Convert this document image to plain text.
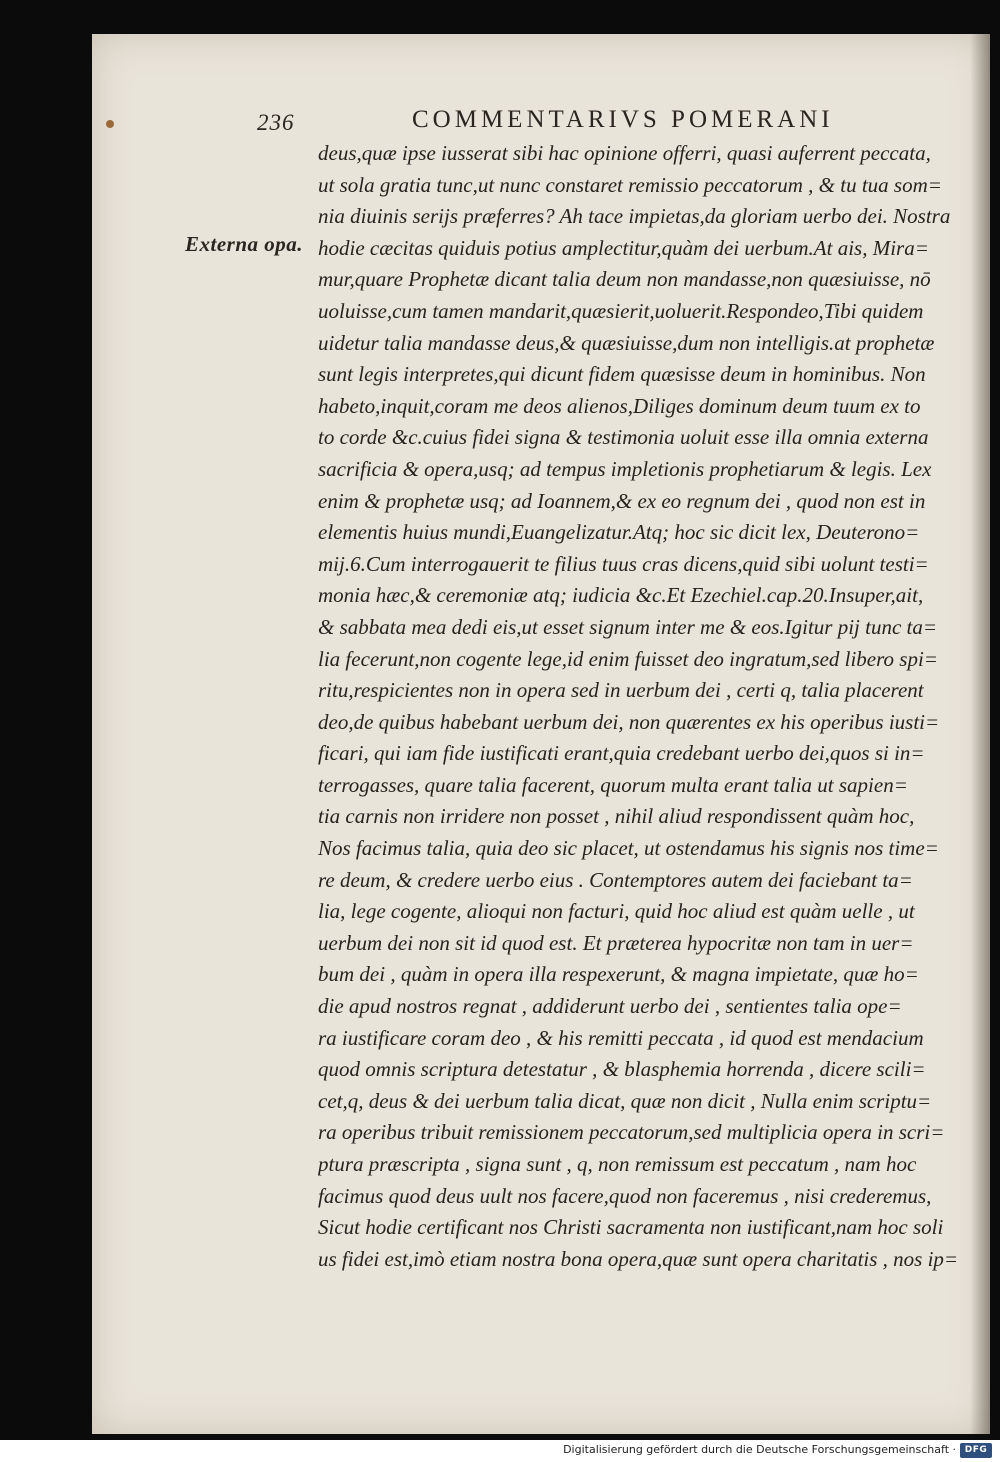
236	COMMENTARIVS POMERANI
Externa opa.
deus,quæ ipse iusserat sibi hac opinione offerri, quasi auferrent peccata,
ut sola gratia tunc,ut nunc constaret remissio peccatorum , & tu tua som=
nia diuinis serijs præferres? Ah tace impietas,da gloriam uerbo dei. Nostra
hodie cæcitas quiduis potius amplectitur,quàm dei uerbum.At ais, Mira=
mur,quare Prophetæ dicant talia deum non mandasse,non quæsiuisse, nō
uoluisse,cum tamen mandarit,quæsierit,uoluerit.Respondeo,Tibi quidem
uidetur talia mandasse deus,& quæsiuisse,dum non intelligis.at prophetæ
sunt legis interpretes,qui dicunt fidem quæsisse deum in hominibus. Non
habeto,inquit,coram me deos alienos,Diliges dominum deum tuum ex to
to corde &c.cuius fidei signa & testimonia uoluit esse illa omnia externa
sacrificia & opera,usq; ad tempus impletionis prophetiarum & legis. Lex
enim & prophetæ usq; ad Ioannem,& ex eo regnum dei , quod non est in
elementis huius mundi,Euangelizatur.Atq; hoc sic dicit lex, Deuterono=
mij.6.Cum interrogauerit te filius tuus cras dicens,quid sibi uolunt testi=
monia hæc,& ceremoniæ atq; iudicia &c.Et Ezechiel.cap.20.Insuper,ait,
& sabbata mea dedi eis,ut esset signum inter me & eos.Igitur pij tunc ta=
lia fecerunt,non cogente lege,id enim fuisset deo ingratum,sed libero spi=
ritu,respicientes non in opera sed in uerbum dei , certi q, talia placerent
deo,de quibus habebant uerbum dei, non quærentes ex his operibus iusti=
ficari, qui iam fide iustificati erant,quia credebant uerbo dei,quos si in=
terrogasses, quare talia facerent, quorum multa erant talia ut sapien=
tia carnis non irridere non posset , nihil aliud respondissent quàm hoc,
Nos facimus talia, quia deo sic placet, ut ostendamus his signis nos time=
re deum, & credere uerbo eius . Contemptores autem dei faciebant ta=
lia, lege cogente, alioqui non facturi, quid hoc aliud est quàm uelle , ut
uerbum dei non sit id quod est. Et præterea hypocritæ non tam in uer=
bum dei , quàm in opera illa respexerunt, & magna impietate, quæ ho=
die apud nostros regnat , addiderunt uerbo dei , sentientes talia ope=
ra iustificare coram deo , & his remitti peccata , id quod est mendacium
quod omnis scriptura detestatur , & blasphemia horrenda , dicere scili=
cet,q, deus & dei uerbum talia dicat, quæ non dicit , Nulla enim scriptu=
ra operibus tribuit remissionem peccatorum,sed multiplicia opera in scri=
ptura præscripta , signa sunt , q, non remissum est peccatum , nam hoc
facimus quod deus uult nos facere,quod non faceremus , nisi crederemus,
Sicut hodie certificant nos Christi sacramenta non iustificant,nam hoc soli
us fidei est,imò etiam nostra bona opera,quæ sunt opera charitatis , nos ip=
Digitalisierung gefördert durch die Deutsche Forschungsgemeinschaft · DFG
